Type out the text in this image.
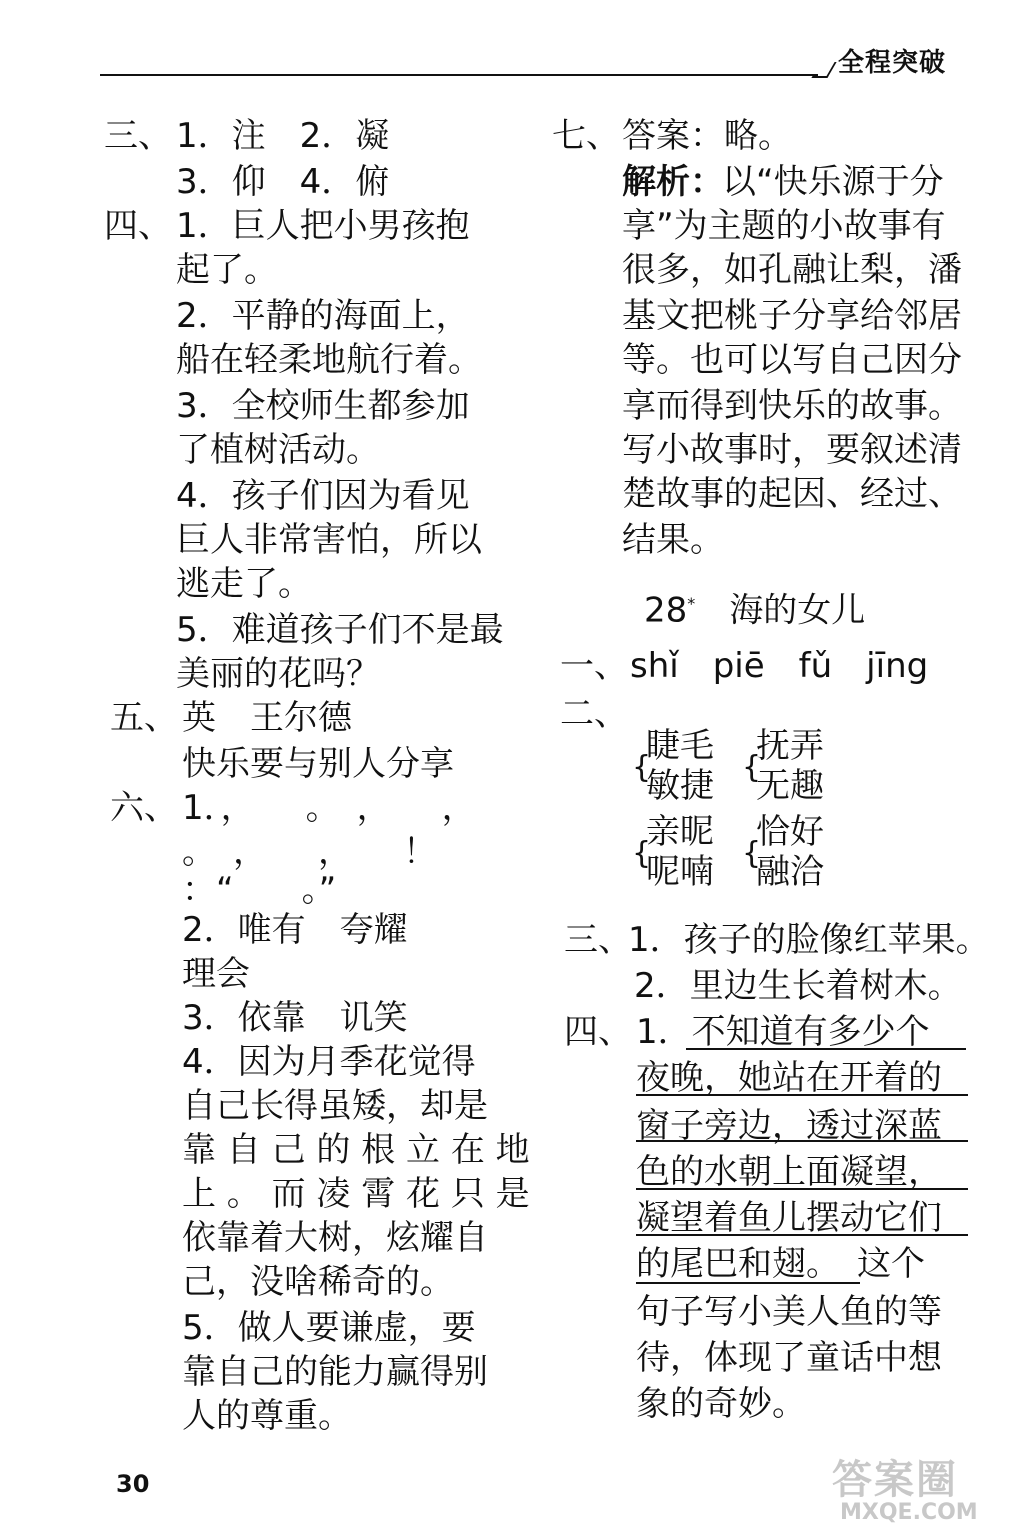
全程突破
三、 1．注　2．凝
3．仰　4．俯
四、 1．巨人把小男孩抱
起了。
2．平静的海面上，
船在轻柔地航行着。
3．全校师生都参加
了植树活动。
4．孩子们因为看见
巨人非常害怕，所以
逃走了。
5．难道孩子们不是最
美丽的花吗？
五、 英　王尔德
快乐要与别人分享
六、 1．，　　。　，　　，
。　，　　，　　！
：“　　。”
2．唯有　夸耀
理会
3．依靠　讥笑
4．因为月季花觉得
自己长得虽矮，却是
靠 自 己 的 根 立 在 地
上 。 而 凌 霄 花 只 是
依靠着大树，炫耀自
己，没啥稀奇的。
5．做人要谦虚，要
靠自己的能力赢得别
人的尊重。
七、 答案：略。
解析：
以“快乐源于分
享”为主题的小故事有
很多，如孔融让梨，潘
基文把桃子分享给邻居
等。也可以写自己因分
享而得到快乐的故事。
写小故事时，要叙述清
楚故事的起因、经过、
结果。
28*　 海的女儿
一、 shǐ　piē　fǔ　jīng
二、
{
睫毛
敏捷 {
抚弄
无趣
{
亲昵
呢喃 {
恰好
融洽
三、
1．孩子的脸像红苹果。
2．里边生长着树木。
四、 1．不知道有多少个
夜晚，她站在开着的
窗子旁边，透过深蓝
色的水朝上面凝望，
凝望着鱼儿摆动它们
的尾巴和翅。　这个
句子写小美人鱼的等
待，体现了童话中想
象的奇妙。
30	答案圈
MXQE.COM
